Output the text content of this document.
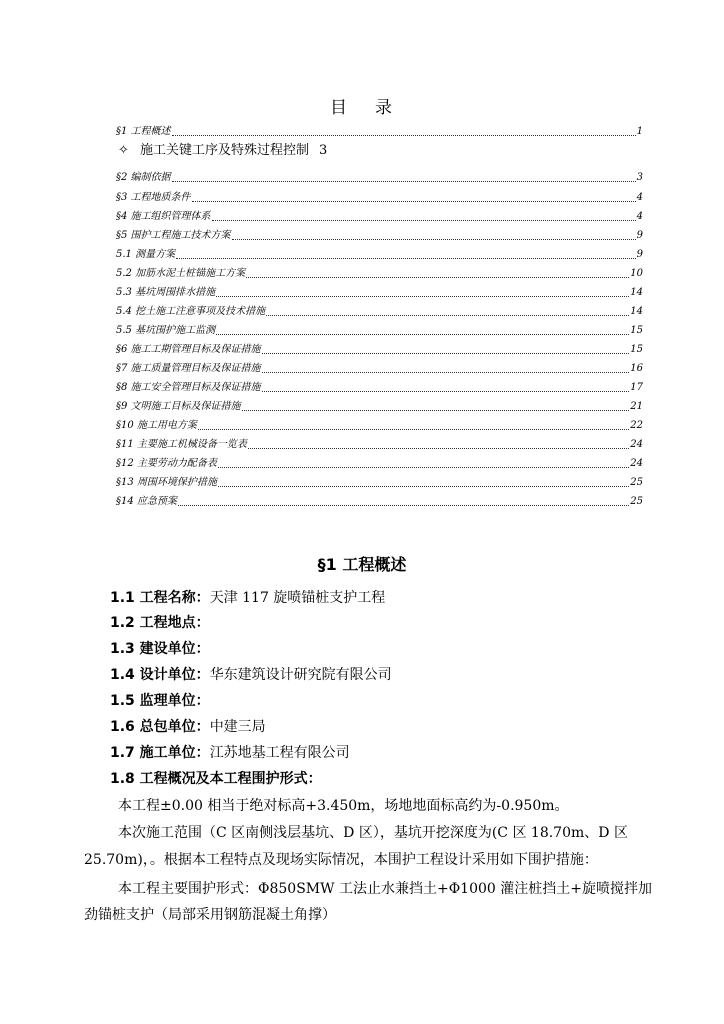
目 录
§1 工程概述	1
✧ 施工关键工序及特殊过程控制 3
§2 编制依据	3
§3 工程地质条件	4
§4 施工组织管理体系	4
§5 围护工程施工技术方案	9
5.1 测量方案	9
5.2 加筋水泥土桩锚施工方案	10
5.3 基坑周围排水措施	14
5.4 挖土施工注意事项及技术措施	14
5.5 基坑围护施工监测	15
§6 施工工期管理目标及保证措施	15
§7 施工质量管理目标及保证措施	16
§8 施工安全管理目标及保证措施	17
§9 文明施工目标及保证措施	21
§10 施工用电方案	22
§11 主要施工机械设备一览表	24
§12 主要劳动力配备表	24
§13 周围环境保护措施	25
§14 应急预案	25
§1 工程概述
1.1 工程名称：天津 117 旋喷锚桩支护工程
1.2 工程地点：
1.3 建设单位：
1.4 设计单位：华东建筑设计研究院有限公司
1.5 监理单位：
1.6 总包单位：中建三局
1.7 施工单位：江苏地基工程有限公司
1.8 工程概况及本工程围护形式：
本工程±0.00 相当于绝对标高+3.450m，场地地面标高约为-0.950m。
本次施工范围（C 区南侧浅层基坑、D 区），基坑开挖深度为(C 区 18.70m、D 区
25.70m)，。根据本工程特点及现场实际情况，本围护工程设计采用如下围护措施：
本工程主要围护形式：Φ850SMW 工法止水兼挡土+Φ1000 灌注桩挡土+旋喷搅拌加
劲锚桩支护（局部采用钢筋混凝土角撑）
